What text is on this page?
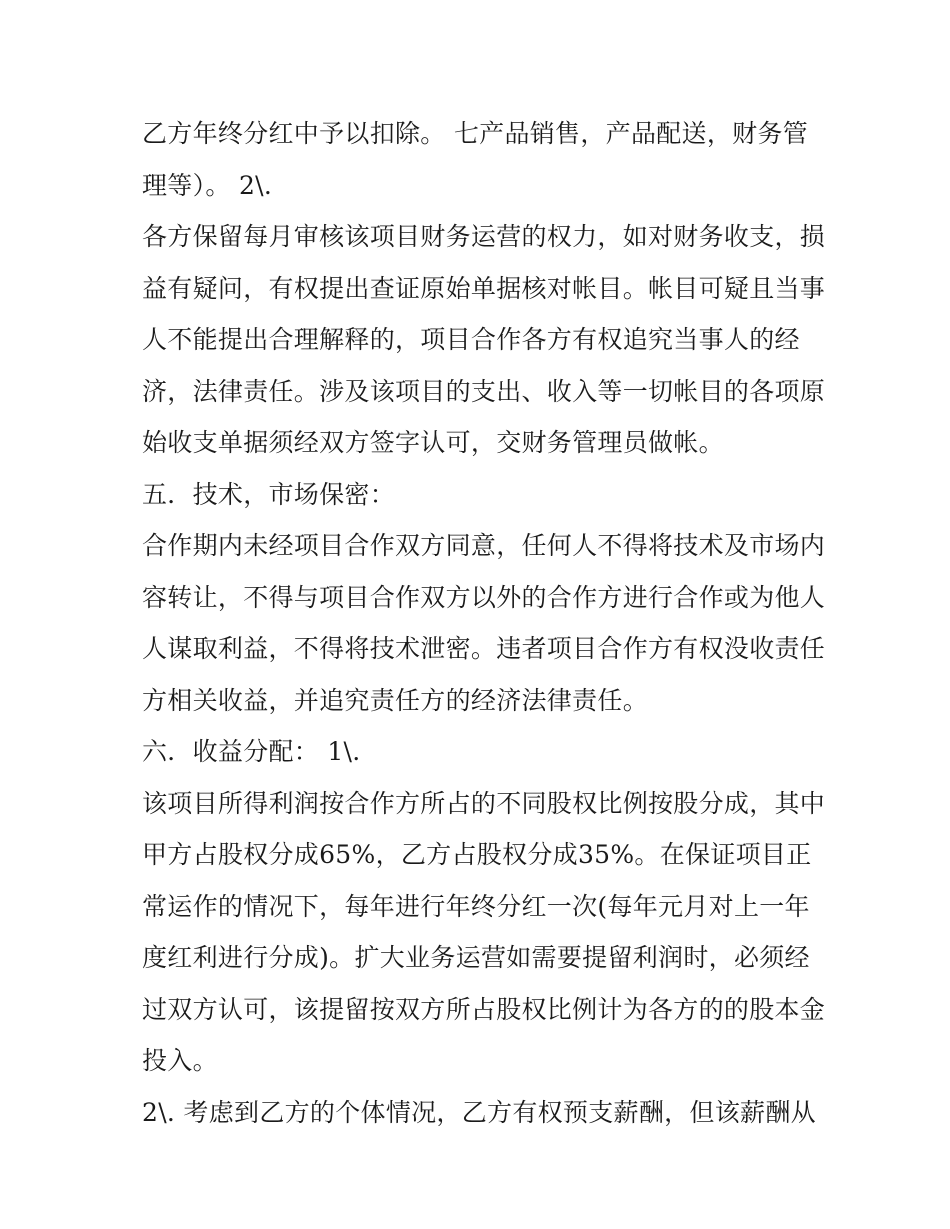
乙方年终分红中予以扣除。 七产品销售，产品配送，财务管
理等）。 2\.
各方保留每月审核该项目财务运营的权力，如对财务收支，损
益有疑问，有权提出查证原始单据核对帐目。帐目可疑且当事
人不能提出合理解释的，项目合作各方有权追究当事人的经
济，法律责任。涉及该项目的支出、收入等一切帐目的各项原
始收支单据须经双方签字认可，交财务管理员做帐。
五．技术，市场保密：
合作期内未经项目合作双方同意，任何人不得将技术及市场内
容转让，不得与项目合作双方以外的合作方进行合作或为他人
人谋取利益，不得将技术泄密。违者项目合作方有权没收责任
方相关收益，并追究责任方的经济法律责任。
六．收益分配： 1\.
该项目所得利润按合作方所占的不同股权比例按股分成，其中
甲方占股权分成65%，乙方占股权分成35%。在保证项目正
常运作的情况下，每年进行年终分红一次(每年元月对上一年
度红利进行分成)。扩大业务运营如需要提留利润时，必须经
过双方认可，该提留按双方所占股权比例计为各方的的股本金
投入。
2\. 考虑到乙方的个体情况，乙方有权预支薪酬，但该薪酬从
